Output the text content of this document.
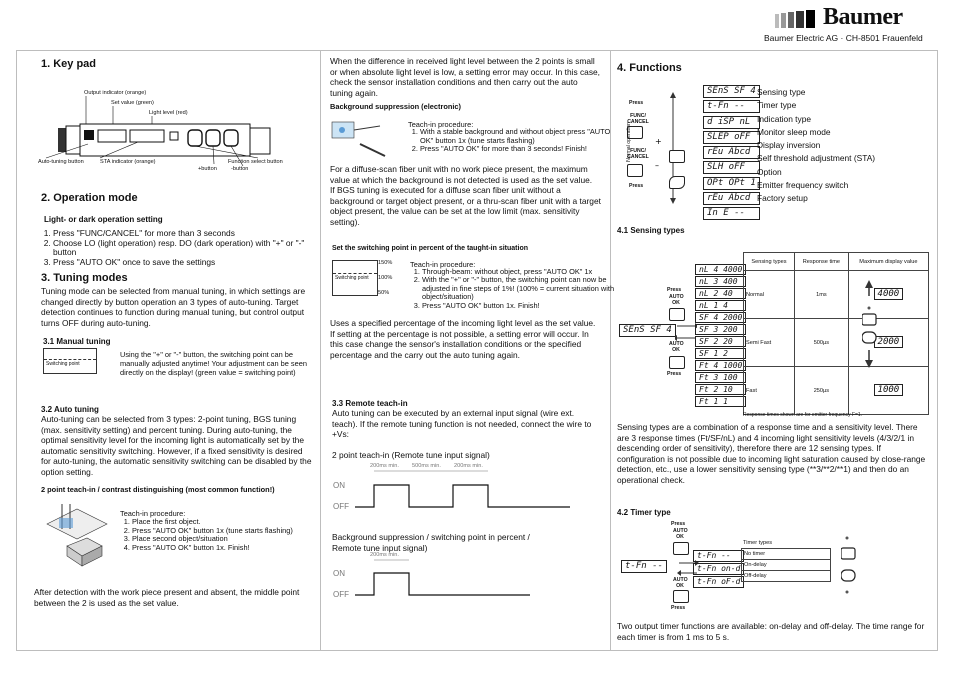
Baumer
Baumer Electric AG · CH-8501 Frauenfeld
1. Key pad
Output indicator (orange)
Set value (green)
Light level (red)
Auto-tuning button	STA indicator (orange)	Function select button
+button	-button
2. Operation mode
Light- or dark operation setting
1. Press "FUNC/CANCEL" for more than 3 seconds
2. Choose LO (light operation) resp. DO (dark operation) with "+" or "-" button
3. Press "AUTO OK" once to save the settings
3. Tuning modes

Tuning mode can be selected from manual tuning, in which settings are changed directly by button operation an 3 types of auto-tuning. Target detection continues to function during manual tuning, but control output turns OFF during auto-tuning.

3.1 Manual tuning
Switching point

Using the "+" or "-" button, the switching point can be manually adjusted anytime! Your adjustment can be seen directly on the display! (green value = switching point)

3.2 Auto tuning

Auto-tuning can be selected from 3 types: 2-point tuning, BGS tuning (max. sensitivity setting) and percent tuning. During auto-tuning, the optimal sensitivity level for the incoming light is automatically set by the automatic sensitivity switching. However, if a fixed sensitivity is desired for auto-tuning, the automatic sensitivity switching can be disabled by the option setting.

2 point teach-in / contrast distinguishing (most common function!)
Teach-in procedure:
1. Place the first object.
2. Press "AUTO OK" button 1x (tune starts flashing)
3. Place second object/situation
4. Press "AUTO OK" button 1x. Finish!

After detection with the work piece present and absent, the middle point between the 2 is used as the set value.

When the difference in received light level between the 2 points is small or when absolute light level is low, a setting error may occur. In this case, check the sensor installation conditions and then carry out the auto tuning again.

Background suppression (electronic)
Teach-in procedure:
1. With a stable background and without object press "AUTO OK" button 1x (tune starts flashing)
2. Press "AUTO OK" for more than 3 seconds! Finish!

For a diffuse-scan fiber unit with no work piece present, the maximum value at which the background is not detected is used as the set value.
If BGS tuning is executed for a diffuse scan fiber unit without a background or target object present, or a thru-scan fiber unit with a target object present, the value can be set at the low limit (max. sensitivity setting).

Set the switching point in percent of the taught-in situation
Switching point
150%
100%
50%
Teach-in procedure:
1. Through-beam: without object, press "AUTO OK" 1x
2. With the "+" or "-" button, the switching point can now be adjusted in fine steps of 1%! (100% = current situation with object/situation)
3. Press "AUTO OK" button 1x. Finish!

Uses a specified percentage of the incoming light level as the set value. If setting at the percentage is not possible, a setting error will occur. In this case change the sensor's installation conditions or the specified percentage and the carry out the auto tuning again.

3.3 Remote teach-in

Auto tuning can be executed by an external input signal (wire ext. teach). If the remote tuning function is not needed, connect the wire to +Vs:

2 point teach-in (Remote tune input signal)

200ms min. 500ms min. 200ms min.
ON
OFF

Background suppression / switching point in percent / Remote tune input signal)

200ms min.
ON
OFF
4. Functions
Press
FUNC/ CANCEL
FUNC/ CANCEL
Press
Normal operation	+
–
SEnS SF 4
t-Fn --
d iSP nL
SLEP oFF
rEu Abcd
SLH oFF
OPt OPt 1
rEu Abcd
In E --
Sensing type
Timer type
Indication type
Monitor sleep mode
Display inversion
Self threshold adjustment (STA)
Option
Emitter frequency switch
Factory setup
4.1 Sensing types
SEnS SF 4
Press
AUTO OK
AUTO OK
Press
nL 4 4000
nL 3 400
nL 2 40
nL 1 4
SF 4 2000
SF 3 200
SF 2 20
SF 1 2
Ft 4 1000
Ft 3 100
Ft 2 10
Ft 1 1
Sensing types	Response time	Maximum display value
Normal	1ms	4000
Semi Fast	500µs	2000
Fast	250µs	1000
Response times shown are for emitter frequency F=1.

Sensing types are a combination of a response time and a sensitivity level. There are 3 response times (Ft/SF/nL) and 4 incoming light sensitivity levels (4/3/2/1 in descending order of sensitivity), therefore there are 12 sensing types. If configuration is not possible due to incoming light saturation caused by close-range detection, etc., use a lower sensitivity sensing type (**3/**2/**1) and then do an operational check.

4.2 Timer type
Press
AUTO OK
t-Fn --
AUTO OK
Press
t-Fn --
t-Fn on-d
t-Fn oF-d
Timer types
No timer
On-delay
Off-delay

Two output timer functions are available: on-delay and off-delay. The time range for each timer is from 1 ms to 5 s.
